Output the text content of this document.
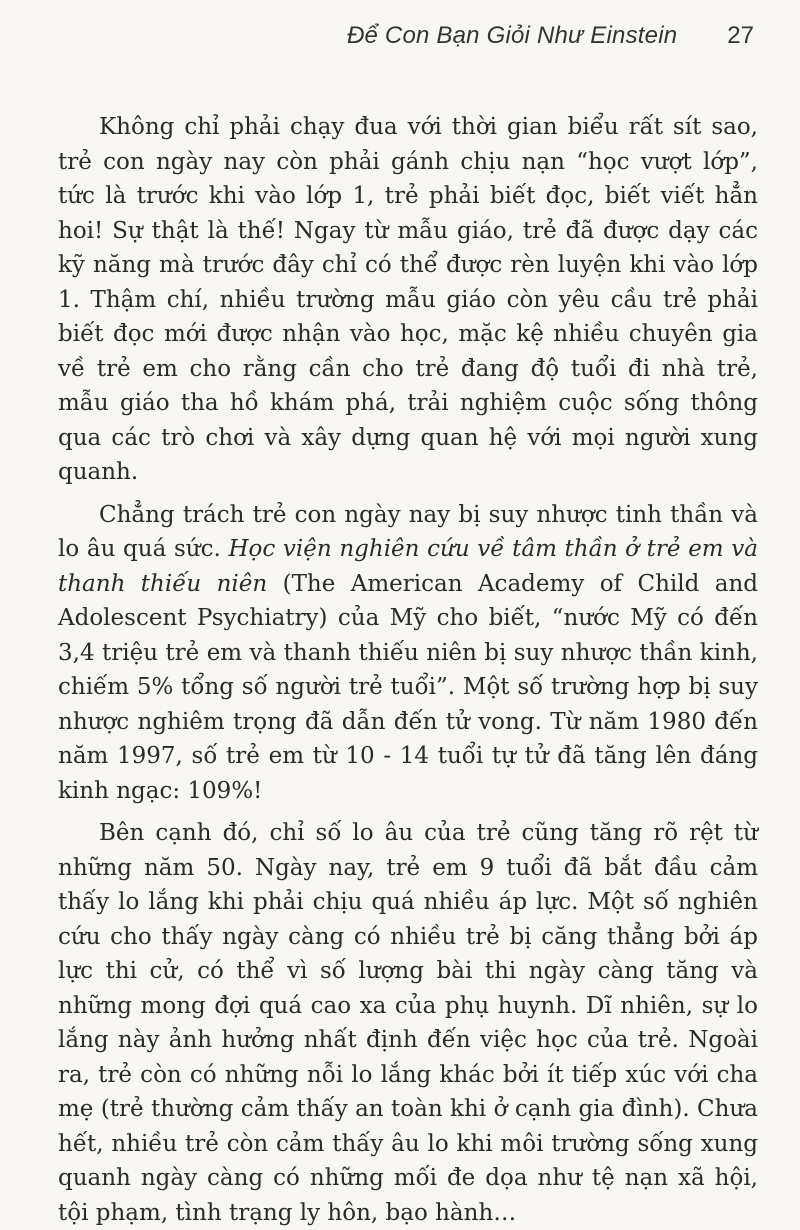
Để Con Bạn Giỏi Như Einstein 27

Không chỉ phải chạy đua với thời gian biểu rất sít sao, trẻ con ngày nay còn phải gánh chịu nạn “học vượt lớp”, tức là trước khi vào lớp 1, trẻ phải biết đọc, biết viết hẳn hoi! Sự thật là thế! Ngay từ mẫu giáo, trẻ đã được dạy các kỹ năng mà trước đây chỉ có thể được rèn luyện khi vào lớp 1. Thậm chí, nhiều trường mẫu giáo còn yêu cầu trẻ phải biết đọc mới được nhận vào học, mặc kệ nhiều chuyên gia về trẻ em cho rằng cần cho trẻ đang độ tuổi đi nhà trẻ, mẫu giáo tha hồ khám phá, trải nghiệm cuộc sống thông qua các trò chơi và xây dựng quan hệ với mọi người xung quanh.

Chẳng trách trẻ con ngày nay bị suy nhược tinh thần và lo âu quá sức. Học viện nghiên cứu về tâm thần ở trẻ em và thanh thiếu niên (The American Academy of Child and Adolescent Psychiatry) của Mỹ cho biết, “nước Mỹ có đến 3,4 triệu trẻ em và thanh thiếu niên bị suy nhược thần kinh, chiếm 5% tổng số người trẻ tuổi”. Một số trường hợp bị suy nhược nghiêm trọng đã dẫn đến tử vong. Từ năm 1980 đến năm 1997, số trẻ em từ 10 - 14 tuổi tự tử đã tăng lên đáng kinh ngạc: 109%!

Bên cạnh đó, chỉ số lo âu của trẻ cũng tăng rõ rệt từ những năm 50. Ngày nay, trẻ em 9 tuổi đã bắt đầu cảm thấy lo lắng khi phải chịu quá nhiều áp lực. Một số nghiên cứu cho thấy ngày càng có nhiều trẻ bị căng thẳng bởi áp lực thi cử, có thể vì số lượng bài thi ngày càng tăng và những mong đợi quá cao xa của phụ huynh. Dĩ nhiên, sự lo lắng này ảnh hưởng nhất định đến việc học của trẻ. Ngoài ra, trẻ còn có những nỗi lo lắng khác bởi ít tiếp xúc với cha mẹ (trẻ thường cảm thấy an toàn khi ở cạnh gia đình). Chưa hết, nhiều trẻ còn cảm thấy âu lo khi môi trường sống xung quanh ngày càng có những mối đe dọa như tệ nạn xã hội, tội phạm, tình trạng ly hôn, bạo hành…
